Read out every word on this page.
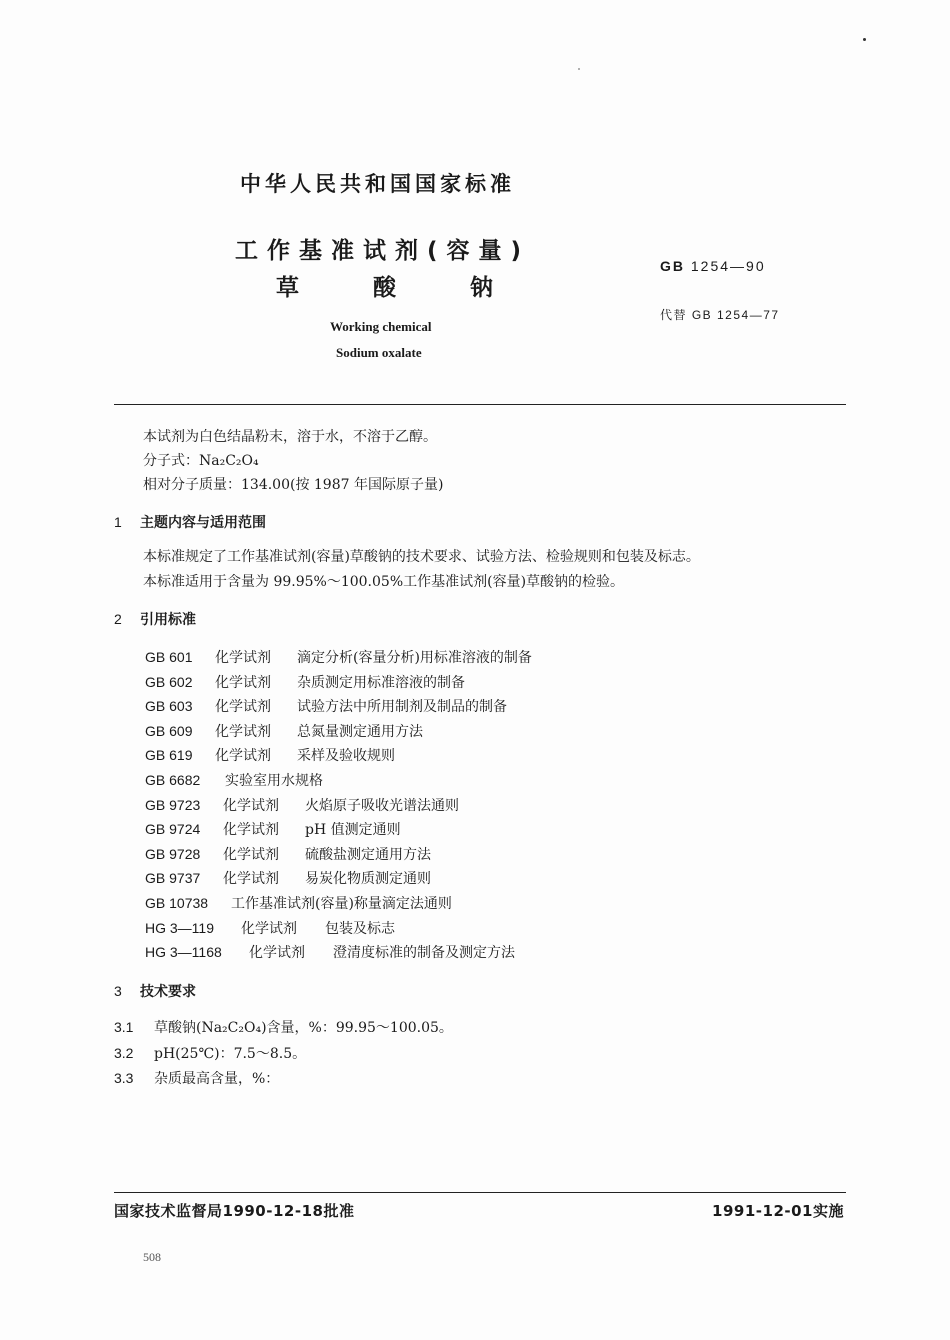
中华人民共和国国家标准
工作基准试剂(容量)
草酸钠
Working chemical
Sodium oxalate
GB 1254—90
代替 GB 1254—77
本试剂为白色结晶粉末，溶于水，不溶于乙醇。
分子式：Na₂C₂O₄
相对分子质量：134.00(按 1987 年国际原子量)
1 主题内容与适用范围
本标准规定了工作基准试剂(容量)草酸钠的技术要求、试验方法、检验规则和包装及标志。
本标准适用于含量为 99.95%～100.05%工作基准试剂(容量)草酸钠的检验。
2 引用标准
GB 601 化学试剂 滴定分析(容量分析)用标准溶液的制备
GB 602 化学试剂 杂质测定用标准溶液的制备
GB 603 化学试剂 试验方法中所用制剂及制品的制备
GB 609 化学试剂 总氮量测定通用方法
GB 619 化学试剂 采样及验收规则
GB 6682 实验室用水规格
GB 9723 化学试剂 火焰原子吸收光谱法通则
GB 9724 化学试剂 pH 值测定通则
GB 9728 化学试剂 硫酸盐测定通用方法
GB 9737 化学试剂 易炭化物质测定通则
GB 10738 工作基准试剂(容量)称量滴定法通则
HG 3—119 化学试剂 包装及标志
HG 3—1168 化学试剂 澄清度标准的制备及测定方法
3 技术要求
3.1 草酸钠(Na₂C₂O₄)含量，%：99.95～100.05。
3.2 pH(25℃)：7.5～8.5。
3.3 杂质最高含量，%：
国家技术监督局1990-12-18批准	1991-12-01实施
508
